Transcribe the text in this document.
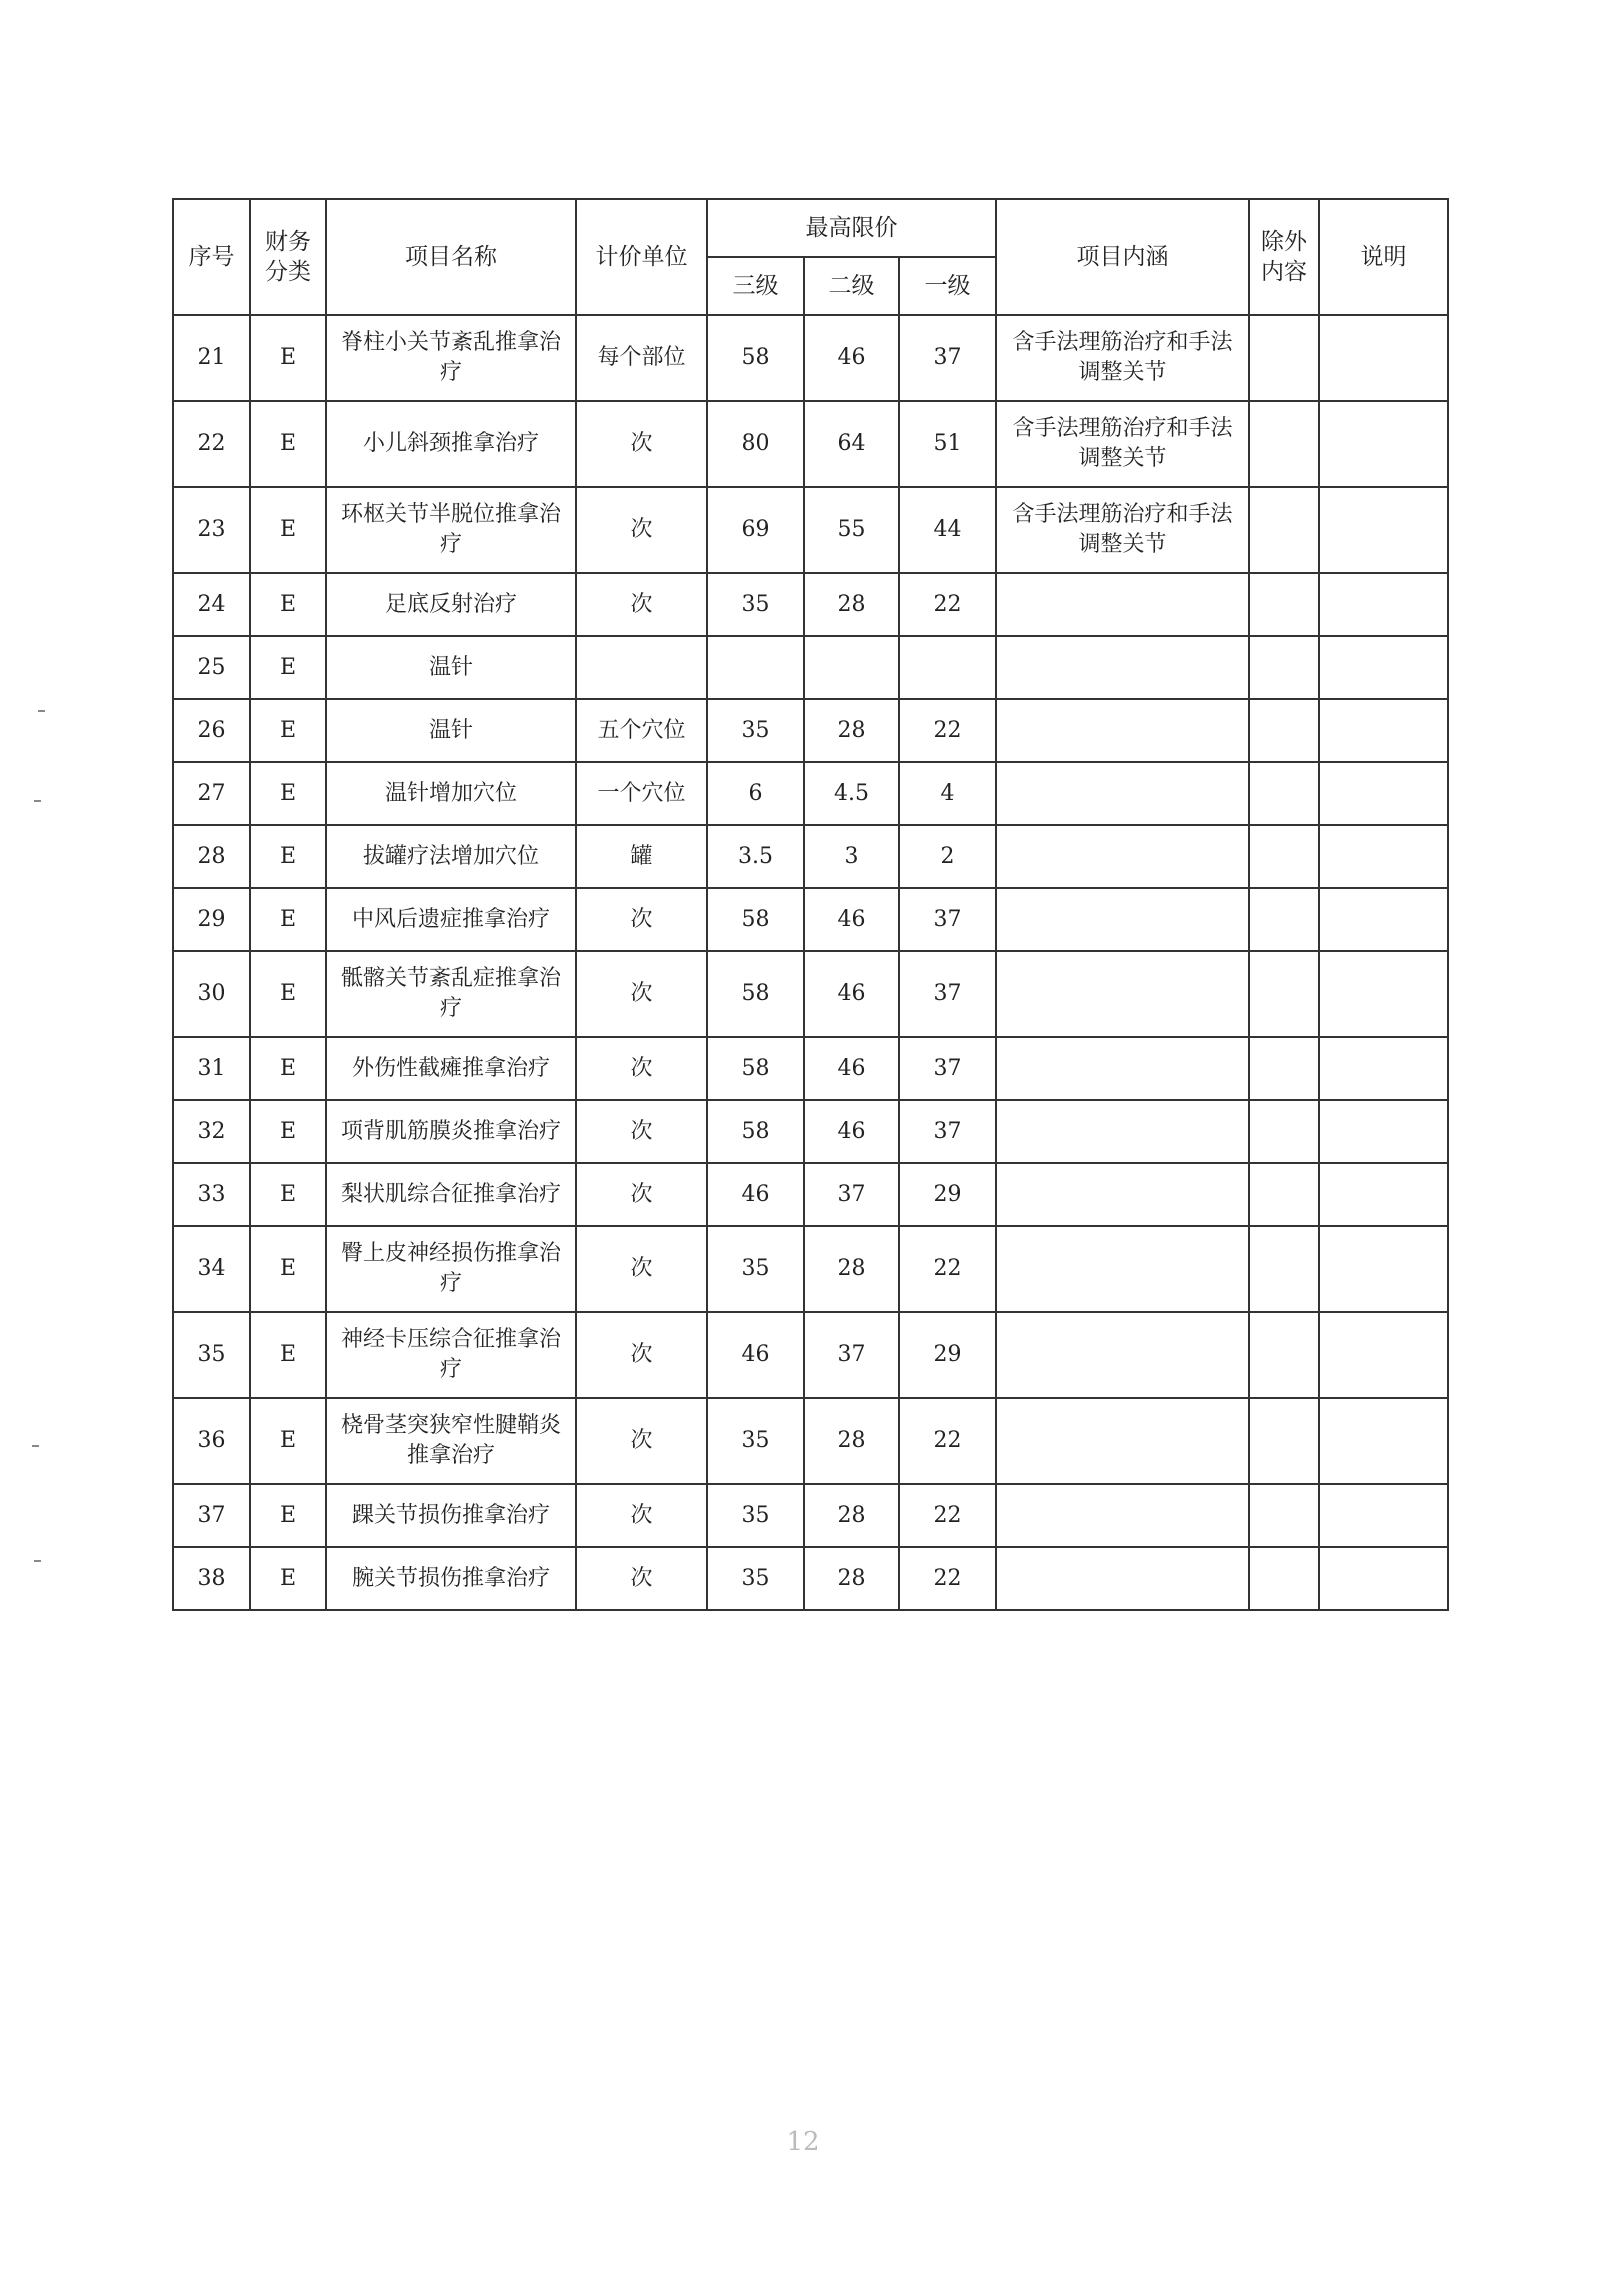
序号	财务分类	项目名称	计价单位	最高限价			项目内涵	除外内容	说明
				三级	二级	一级			
21	E	脊柱小关节紊乱推拿治疗	每个部位	58	46	37	含手法理筋治疗和手法调整关节		
22	E	小儿斜颈推拿治疗	次	80	64	51	含手法理筋治疗和手法调整关节		
23	E	环枢关节半脱位推拿治疗	次	69	55	44	含手法理筋治疗和手法调整关节		
24	E	足底反射治疗	次	35	28	22			
25	E	温针							
26	E	温针	五个穴位	35	28	22			
27	E	温针增加穴位	一个穴位	6	4.5	4			
28	E	拔罐疗法增加穴位	罐	3.5	3	2			
29	E	中风后遗症推拿治疗	次	58	46	37			
30	E	骶髂关节紊乱症推拿治疗	次	58	46	37			
31	E	外伤性截瘫推拿治疗	次	58	46	37			
32	E	项背肌筋膜炎推拿治疗	次	58	46	37			
33	E	梨状肌综合征推拿治疗	次	46	37	29			
34	E	臀上皮神经损伤推拿治疗	次	35	28	22			
35	E	神经卡压综合征推拿治疗	次	46	37	29			
36	E	桡骨茎突狭窄性腱鞘炎推拿治疗	次	35	28	22			
37	E	踝关节损伤推拿治疗	次	35	28	22			
38	E	腕关节损伤推拿治疗	次	35	28	22			
12
